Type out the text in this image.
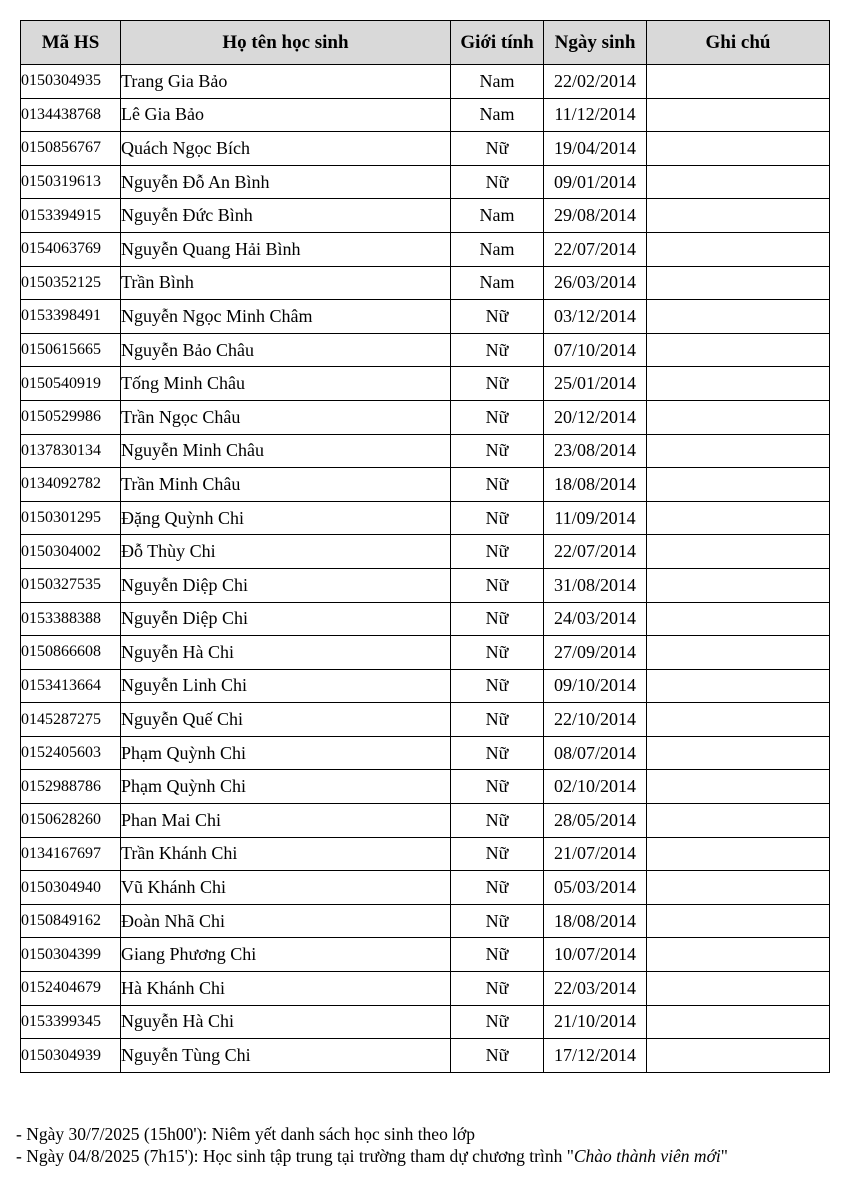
Mã HS	Họ tên học sinh	Giới tính	Ngày sinh	Ghi chú
0150304935	Trang Gia Bảo	Nam	22/02/2014	
0134438768	Lê Gia Bảo	Nam	11/12/2014	
0150856767	Quách Ngọc Bích	Nữ	19/04/2014	
0150319613	Nguyễn Đỗ An Bình	Nữ	09/01/2014	
0153394915	Nguyễn Đức Bình	Nam	29/08/2014	
0154063769	Nguyễn Quang Hải Bình	Nam	22/07/2014	
0150352125	Trần Bình	Nam	26/03/2014	
0153398491	Nguyễn Ngọc Minh Châm	Nữ	03/12/2014	
0150615665	Nguyễn Bảo Châu	Nữ	07/10/2014	
0150540919	Tống Minh Châu	Nữ	25/01/2014	
0150529986	Trần Ngọc Châu	Nữ	20/12/2014	
0137830134	Nguyễn Minh Châu	Nữ	23/08/2014	
0134092782	Trần Minh Châu	Nữ	18/08/2014	
0150301295	Đặng Quỳnh Chi	Nữ	11/09/2014	
0150304002	Đỗ Thùy Chi	Nữ	22/07/2014	
0150327535	Nguyễn Diệp Chi	Nữ	31/08/2014	
0153388388	Nguyễn Diệp Chi	Nữ	24/03/2014	
0150866608	Nguyễn Hà Chi	Nữ	27/09/2014	
0153413664	Nguyễn Linh Chi	Nữ	09/10/2014	
0145287275	Nguyễn Quế Chi	Nữ	22/10/2014	
0152405603	Phạm Quỳnh Chi	Nữ	08/07/2014	
0152988786	Phạm Quỳnh Chi	Nữ	02/10/2014	
0150628260	Phan Mai Chi	Nữ	28/05/2014	
0134167697	Trần Khánh Chi	Nữ	21/07/2014	
0150304940	Vũ Khánh Chi	Nữ	05/03/2014	
0150849162	Đoàn Nhã Chi	Nữ	18/08/2014	
0150304399	Giang Phương Chi	Nữ	10/07/2014	
0152404679	Hà Khánh Chi	Nữ	22/03/2014	
0153399345	Nguyễn Hà Chi	Nữ	21/10/2014	
0150304939	Nguyễn Tùng Chi	Nữ	17/12/2014	
- Ngày 30/7/2025 (15h00'): Niêm yết danh sách học sinh theo lớp
- Ngày 04/8/2025 (7h15'): Học sinh tập trung tại trường tham dự chương trình "Chào thành viên mới"
